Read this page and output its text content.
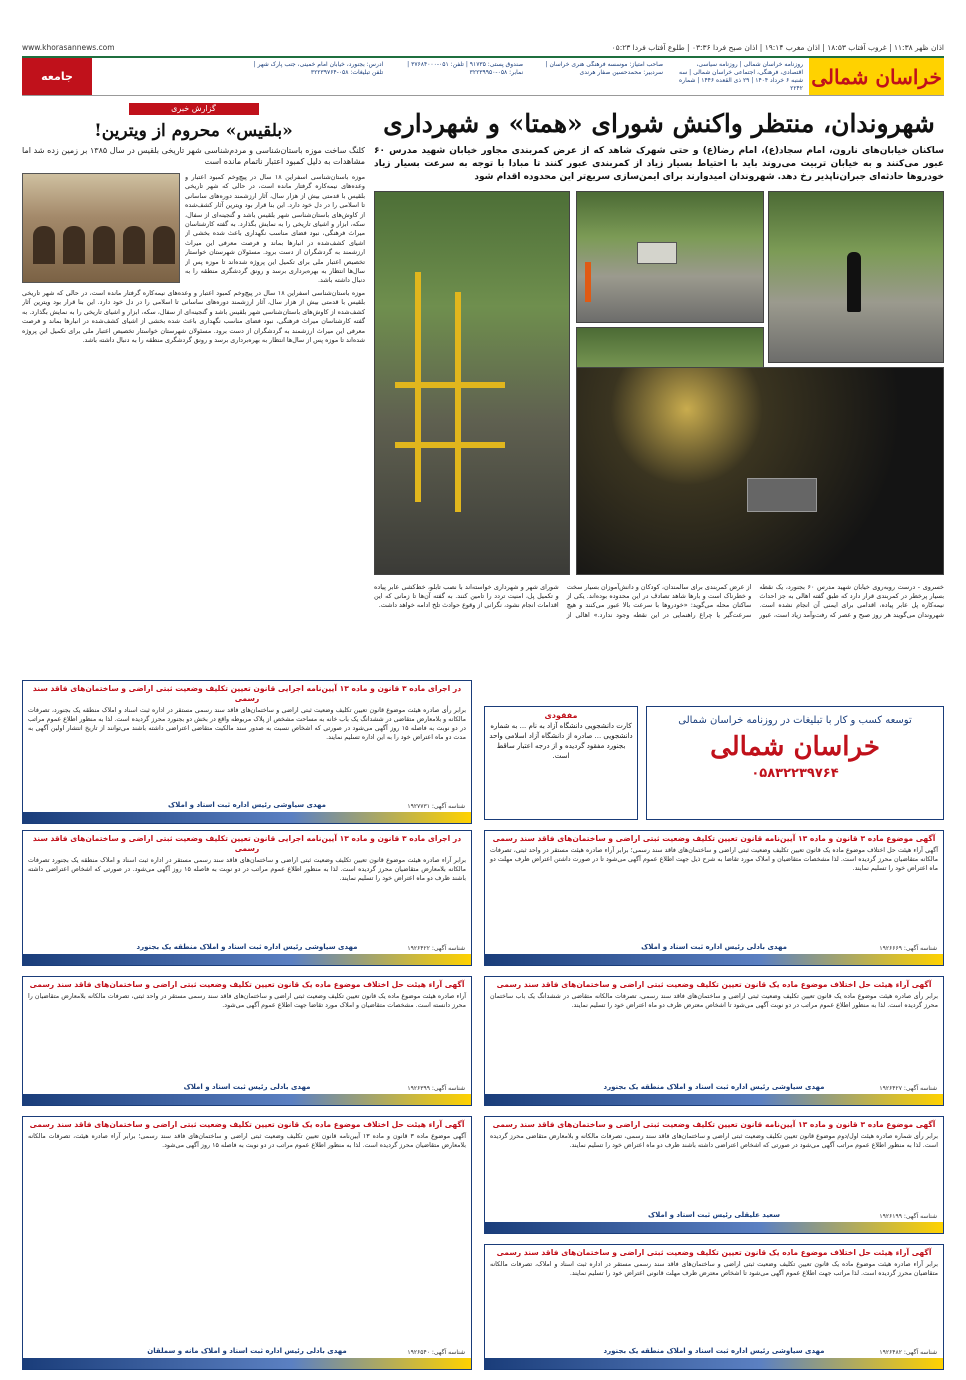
اذان ظهر ۱۱:۳۸ | غروب آفتاب ۱۸:۵۳ | اذان مغرب ۱۹:۱۴ | اذان صبح فردا ۰۳:۳۶ | طلوع آفتاب فردا ۰۵:۲۳
www.khorasannews.com
خراسان شمالی
روزنامه خراسان شمالی | روزنامه سیاسی، اقتصادی، فرهنگی، اجتماعی خراسان شمالی | سه شنبه ۶ خرداد ۱۴۰۴ | ۲۹ ذی القعده ۱۴۴۶ | شماره ۲۲۴۲ صاحب امتیاز: موسسه فرهنگی هنری خراسان | سردبیر: محمدحسین صفار هرندی صندوق پستی: ۹۱۷۳۵ | تلفن: ۰۵۱-۳۷۶۸۴۰۰۰ | نمابر: ۰۵۸-۳۲۲۳۹۹۵۰ آدرس: بجنورد، خیابان امام خمینی، جنب پارک شهر | تلفن تبلیغات: ۰۵۸-۳۲۲۳۹۷۶۴
جامعه
گزارش خبری
«بلقیس» محروم از ویترین!
کلنگ ساخت موزه باستان‌شناسی و مردم‌شناسی شهر تاریخی بلقیس در سال ۱۳۸۵ بر زمین زده شد اما مشاهدات به دلیل کمبود اعتبار ناتمام مانده است
موزه باستان‌شناسی اسفراین ۱۸ سال در پیچ‌وخم کمبود اعتبار و وعده‌های نیمه‌کاره گرفتار مانده است، در حالی که شهر تاریخی بلقیس با قدمتی بیش از هزار سال، آثار ارزشمند دوره‌های ساسانی تا اسلامی را در دل خود دارد. این بنا قرار بود ویترین آثار کشف‌شده از کاوش‌های باستان‌شناسی شهر بلقیس باشد و گنجینه‌ای از سفال، سکه، ابزار و اشیای تاریخی را به نمایش بگذارد. به گفته کارشناسان میراث فرهنگی، نبود فضای مناسب نگهداری باعث شده بخشی از اشیای کشف‌شده در انبارها بماند و فرصت معرفی این میراث ارزشمند به گردشگران از دست برود. مسئولان شهرستان خواستار تخصیص اعتبار ملی برای تکمیل این پروژه شده‌اند تا موزه پس از سال‌ها انتظار به بهره‌برداری برسد و رونق گردشگری منطقه را به دنبال داشته باشد.
موزه باستان‌شناسی اسفراین ۱۸ سال در پیچ‌وخم کمبود اعتبار و وعده‌های نیمه‌کاره گرفتار مانده است، در حالی که شهر تاریخی بلقیس با قدمتی بیش از هزار سال، آثار ارزشمند دوره‌های ساسانی تا اسلامی را در دل خود دارد. این بنا قرار بود ویترین آثار کشف‌شده از کاوش‌های باستان‌شناسی شهر بلقیس باشد و گنجینه‌ای از سفال، سکه، ابزار و اشیای تاریخی را به نمایش بگذارد. به گفته کارشناسان میراث فرهنگی، نبود فضای مناسب نگهداری باعث شده بخشی از اشیای کشف‌شده در انبارها بماند و فرصت معرفی این میراث ارزشمند به گردشگران از دست برود. مسئولان شهرستان خواستار تخصیص اعتبار ملی برای تکمیل این پروژه شده‌اند تا موزه پس از سال‌ها انتظار به بهره‌برداری برسد و رونق گردشگری منطقه را به دنبال داشته باشد.
شهروندان، منتظر واکنش شورای «همتا» و شهرداری
ساکنان خیابان‌های نارون، امام سجاد(ع)، امام رضا(ع) و حتی شهرک شاهد که از عرض کمربندی مجاور خیابان شهید مدرس ۶۰ عبور می‌کنند و به خیابان تربیت می‌روند باید با احتیاط بسیار زیاد از کمربندی عبور کنند تا مبادا با توجه به سرعت بسیار زیاد خودروها حادثه‌ای جبران‌ناپذیر رخ دهد. شهروندان امیدوارند برای ایمن‌سازی سریع‌تر این محدوده اقدام شود
خسروی - درست روبه‌روی خیابان شهید مدرس ۶۰ بجنورد، یک نقطه بسیار پرخطر در کمربندی قرار دارد که طبق گفته اهالی به جز احداث نیمه‌کاره پل عابر پیاده، اقدامی برای ایمنی آن انجام نشده است. شهروندان می‌گویند هر روز صبح و عصر که رفت‌وآمد زیاد است، عبور از عرض کمربندی برای سالمندان، کودکان و دانش‌آموزان بسیار سخت و خطرناک است و بارها شاهد تصادف در این محدوده بوده‌اند. یکی از ساکنان محله می‌گوید: «خودروها با سرعت بالا عبور می‌کنند و هیچ سرعت‌گیر یا چراغ راهنمایی در این نقطه وجود ندارد.» اهالی از شورای شهر و شهرداری خواسته‌اند با نصب تابلو، خط‌کشی عابر پیاده و تکمیل پل، امنیت تردد را تامین کنند. به گفته آن‌ها تا زمانی که این اقدامات انجام نشود، نگرانی از وقوع حوادث تلخ ادامه خواهد داشت.
در اجرای ماده ۳ قانون و ماده ۱۳ آیین‌نامه اجرایی قانون تعیین تکلیف وضعیت ثبتی اراضی و ساختمان‌های فاقد سند رسمی
برابر رأی صادره هیئت موضوع قانون تعیین تکلیف وضعیت ثبتی اراضی و ساختمان‌های فاقد سند رسمی مستقر در اداره ثبت اسناد و املاک منطقه یک بجنورد، تصرفات مالکانه و بلامعارض متقاضی در ششدانگ یک باب خانه به مساحت مشخص از پلاک مربوطه واقع در بخش دو بجنورد محرز گردیده است. لذا به منظور اطلاع عموم مراتب در دو نوبت به فاصله ۱۵ روز آگهی می‌شود در صورتی که اشخاص نسبت به صدور سند مالکیت متقاضی اعتراضی داشته باشند می‌توانند از تاریخ انتشار اولین آگهی به مدت دو ماه اعتراض خود را به این اداره تسلیم نمایند.
شناسه آگهی: ۱۹۲۷۷۳۱
مهدی سیاوشی رئیس اداره ثبت اسناد و املاک
توسعه کسب و کار با تبلیغات در روزنامه خراسان شمالی
خراسان شمالی
۰۵۸۳۲۲۳۹۷۶۴
مفقودی
کارت دانشجویی دانشگاه آزاد به نام ... به شماره دانشجویی ... صادره از دانشگاه آزاد اسلامی واحد بجنورد مفقود گردیده و از درجه اعتبار ساقط است.
آگهی موضوع ماده ۳ قانون و ماده ۱۳ آیین‌نامه قانون تعیین تکلیف وضعیت ثبتی اراضی و ساختمان‌های فاقد سند رسمی
آگهی آراء هیئت حل اختلاف موضوع ماده یک قانون تعیین تکلیف وضعیت ثبتی اراضی و ساختمان‌های فاقد سند رسمی؛ برابر آراء صادره هیئت مستقر در واحد ثبتی، تصرفات مالکانه متقاضیان محرز گردیده است. لذا مشخصات متقاضیان و املاک مورد تقاضا به شرح ذیل جهت اطلاع عموم آگهی می‌شود تا در صورت داشتن اعتراض ظرف مهلت دو ماه اعتراض خود را تسلیم نمایند.
شناسه آگهی: ۱۹۲۶۶۶۹
مهدی بادلی رئیس اداره ثبت اسناد و املاک
در اجرای ماده ۳ قانون و ماده ۱۳ آیین‌نامه اجرایی قانون تعیین تکلیف وضعیت ثبتی اراضی و ساختمان‌های فاقد سند رسمی
برابر آراء صادره هیئت موضوع قانون تعیین تکلیف وضعیت ثبتی اراضی و ساختمان‌های فاقد سند رسمی مستقر در اداره ثبت اسناد و املاک منطقه یک بجنورد تصرفات مالکانه بلامعارض متقاضیان محرز گردیده است. لذا به منظور اطلاع عموم مراتب در دو نوبت به فاصله ۱۵ روز آگهی می‌شود. در صورتی که اشخاص اعتراضی داشته باشند ظرف دو ماه اعتراض خود را تسلیم نمایند.
شناسه آگهی: ۱۹۲۶۴۲۲
مهدی سیاوشی رئیس اداره ثبت اسناد و املاک منطقه یک بجنورد
آگهی آراء هیئت حل اختلاف موضوع ماده یک قانون تعیین تکلیف وضعیت ثبتی اراضی و ساختمان‌های فاقد سند رسمی
برابر رأی صادره هیئت موضوع ماده یک قانون تعیین تکلیف وضعیت ثبتی اراضی و ساختمان‌های فاقد سند رسمی، تصرفات مالکانه متقاضی در ششدانگ یک باب ساختمان محرز گردیده است. لذا به منظور اطلاع عموم مراتب در دو نوبت آگهی می‌شود تا اشخاص معترض ظرف دو ماه اعتراض خود را تسلیم نمایند.
شناسه آگهی: ۱۹۲۶۴۲۷
مهدی سیاوشی رئیس اداره ثبت اسناد و املاک منطقه یک بجنورد
آگهی آراء هیئت حل اختلاف موضوع ماده یک قانون تعیین تکلیف وضعیت ثبتی اراضی و ساختمان‌های فاقد سند رسمی
آراء صادره هیئت موضوع ماده یک قانون تعیین تکلیف وضعیت ثبتی اراضی و ساختمان‌های فاقد سند رسمی مستقر در واحد ثبتی، تصرفات مالکانه بلامعارض متقاضیان را محرز دانسته است. مشخصات متقاضیان و املاک مورد تقاضا جهت اطلاع عموم آگهی می‌شود.
شناسه آگهی: ۱۹۲۶۳۹۹
مهدی بادلی رئیس ثبت اسناد و املاک
آگهی موضوع ماده ۳ قانون و ماده ۱۳ آیین‌نامه قانون تعیین تکلیف وضعیت ثبتی اراضی و ساختمان‌های فاقد سند رسمی
برابر رأی شماره صادره هیئت اول/دوم موضوع قانون تعیین تکلیف وضعیت ثبتی اراضی و ساختمان‌های فاقد سند رسمی، تصرفات مالکانه و بلامعارض متقاضی محرز گردیده است. لذا به منظور اطلاع عموم مراتب آگهی می‌شود در صورتی که اشخاص اعتراضی داشته باشند ظرف دو ماه اعتراض خود را تسلیم نمایند.
شناسه آگهی: ۱۹۲۶۱۹۹
سعید علیقلی رئیس ثبت اسناد و املاک
آگهی آراء هیئت حل اختلاف موضوع ماده یک قانون تعیین تکلیف وضعیت ثبتی اراضی و ساختمان‌های فاقد سند رسمی
آگهی موضوع ماده ۳ قانون و ماده ۱۳ آیین‌نامه قانون تعیین تکلیف وضعیت ثبتی اراضی و ساختمان‌های فاقد سند رسمی؛ برابر آراء صادره هیئت، تصرفات مالکانه بلامعارض متقاضیان محرز گردیده است. لذا به منظور اطلاع عموم مراتب در دو نوبت به فاصله ۱۵ روز آگهی می‌شود.
شناسه آگهی: ۱۹۲۶۵۴۰
مهدی بادلی رئیس اداره ثبت اسناد و املاک مانه و سملقان
آگهی آراء هیئت حل اختلاف موضوع ماده یک قانون تعیین تکلیف وضعیت ثبتی اراضی و ساختمان‌های فاقد سند رسمی
برابر آراء صادره هیئت موضوع ماده یک قانون تعیین تکلیف وضعیت ثبتی اراضی و ساختمان‌های فاقد سند رسمی مستقر در اداره ثبت اسناد و املاک، تصرفات مالکانه متقاضیان محرز گردیده است. لذا مراتب جهت اطلاع عموم آگهی می‌شود تا اشخاص معترض ظرف مهلت قانونی اعتراض خود را تسلیم نمایند.
شناسه آگهی: ۱۹۲۶۴۸۲
مهدی سیاوشی رئیس اداره ثبت اسناد و املاک منطقه یک بجنورد
